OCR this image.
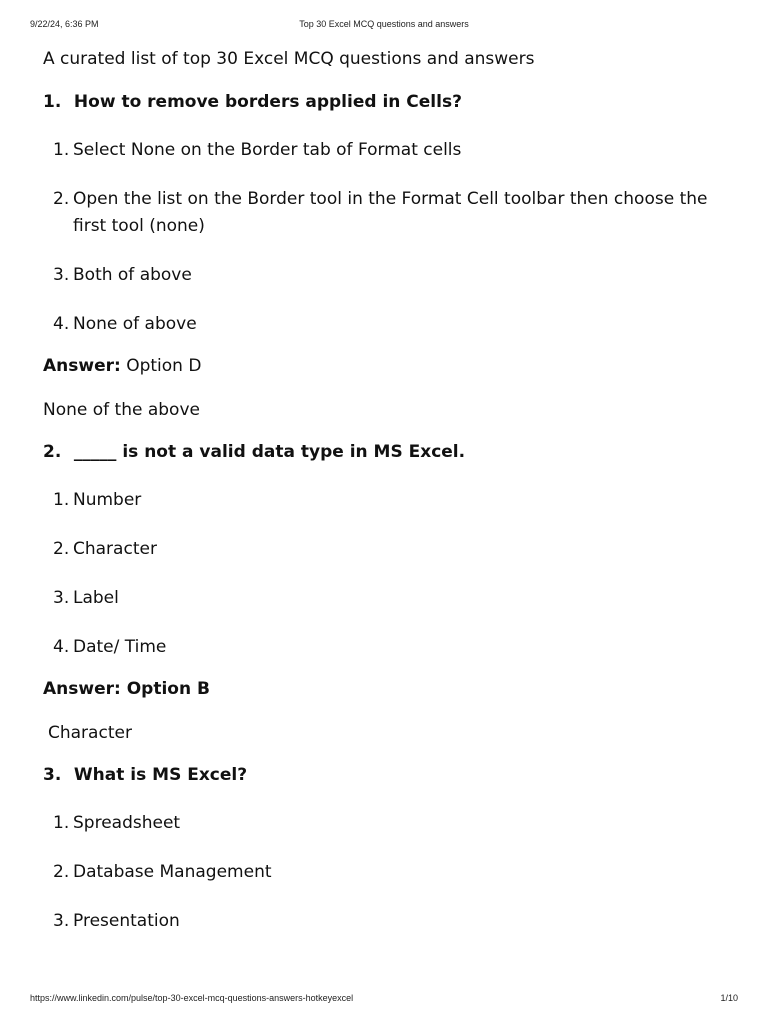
9/22/24, 6:36 PM	Top 30 Excel MCQ questions and answers
A curated list of top 30 Excel MCQ questions and answers
1. How to remove borders applied in Cells?
1. Select None on the Border tab of Format cells
2. Open the list on the Border tool in the Format Cell toolbar then choose the first tool (none)
3. Both of above
4. None of above
Answer: Option D
None of the above
2. _____ is not a valid data type in MS Excel.
1. Number
2. Character
3. Label
4. Date/ Time
Answer: Option B
Character
3. What is MS Excel?
1. Spreadsheet
2. Database Management
3. Presentation
https://www.linkedin.com/pulse/top-30-excel-mcq-questions-answers-hotkeyexcel	1/10
